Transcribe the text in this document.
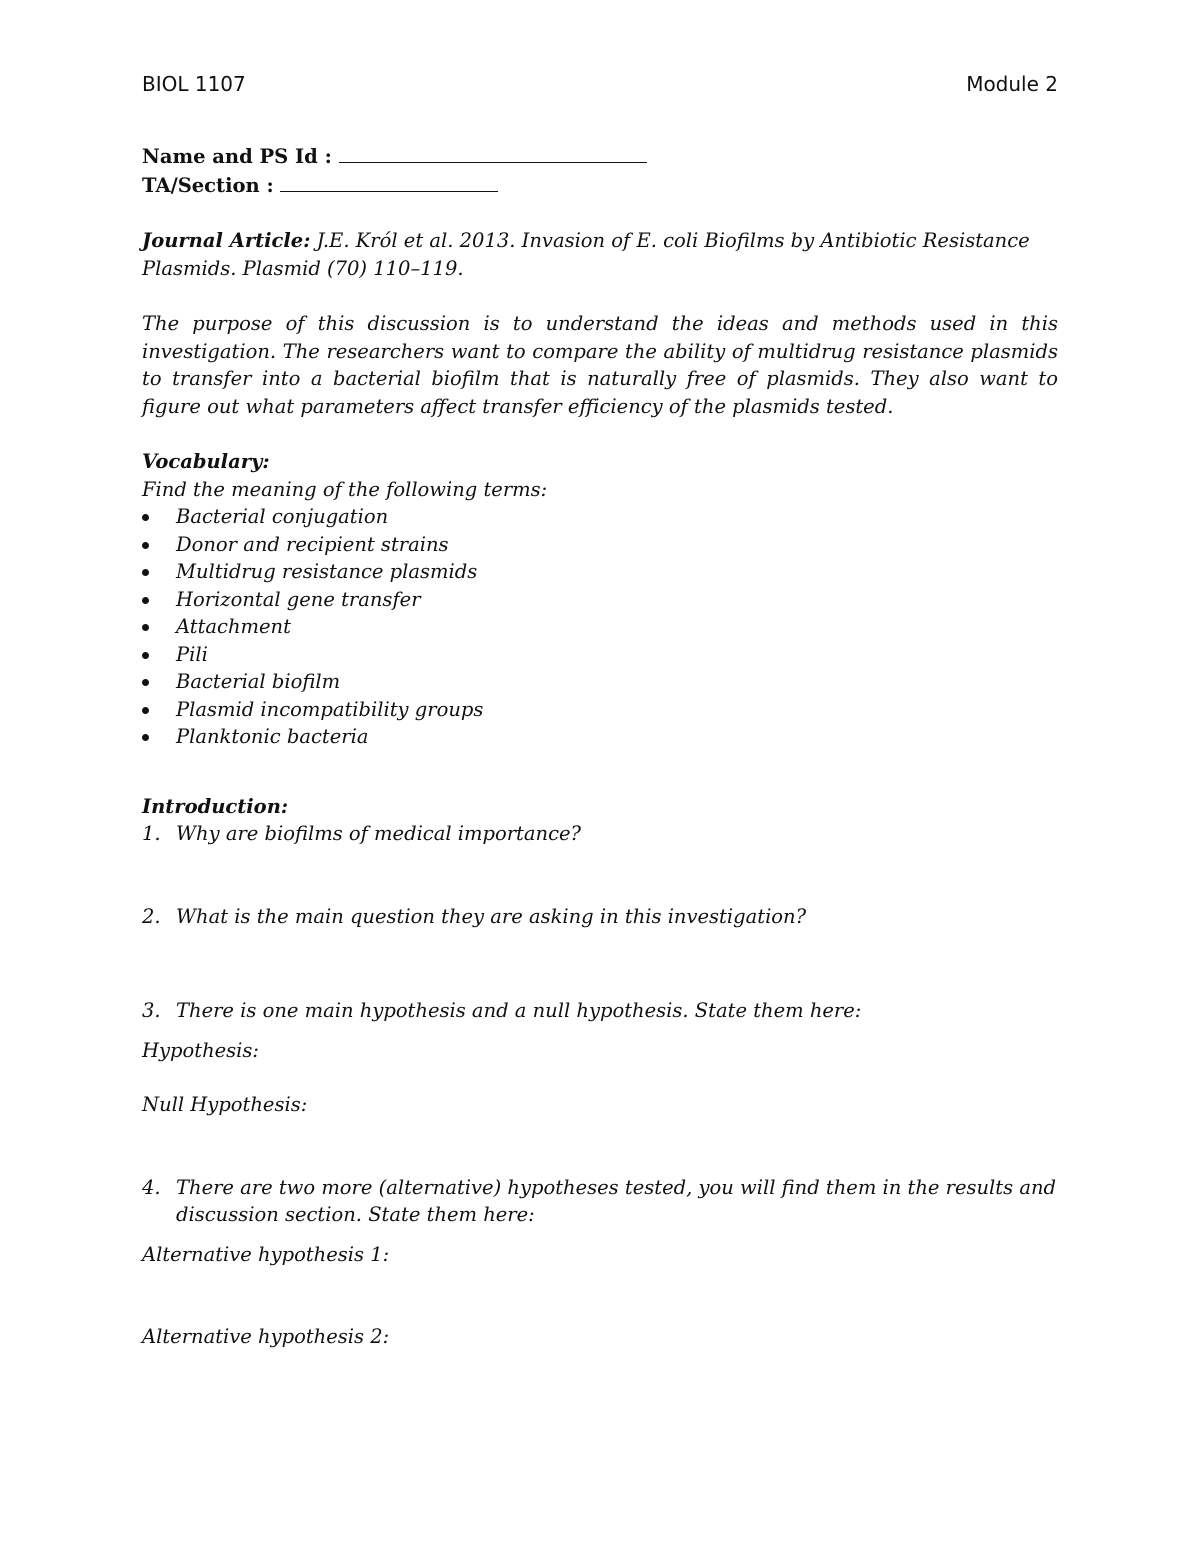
BIOL 1107	Module 2
Name and PS Id :
TA/Section :

Journal Article: J.E. Król et al. 2013. Invasion of E. coli Biofilms by Antibiotic Resistance Plasmids. Plasmid (70) 110–119.

The purpose of this discussion is to understand the ideas and methods used in this investigation. The researchers want to compare the ability of multidrug resistance plasmids to transfer into a bacterial biofilm that is naturally free of plasmids. They also want to figure out what parameters affect transfer efficiency of the plasmids tested.

Vocabulary:

Find the meaning of the following terms:

Bacterial conjugation
Donor and recipient strains
Multidrug resistance plasmids
Horizontal gene transfer
Attachment
Pili
Bacterial biofilm
Plasmid incompatibility groups
Planktonic bacteria

Introduction:

1. Why are biofilms of medical importance?
2. What is the main question they are asking in this investigation?
3. There is one main hypothesis and a null hypothesis. State them here:

Hypothesis:

Null Hypothesis:

4. There are two more (alternative) hypotheses tested, you will find them in the results and discussion section. State them here:

Alternative hypothesis 1:

Alternative hypothesis 2:
